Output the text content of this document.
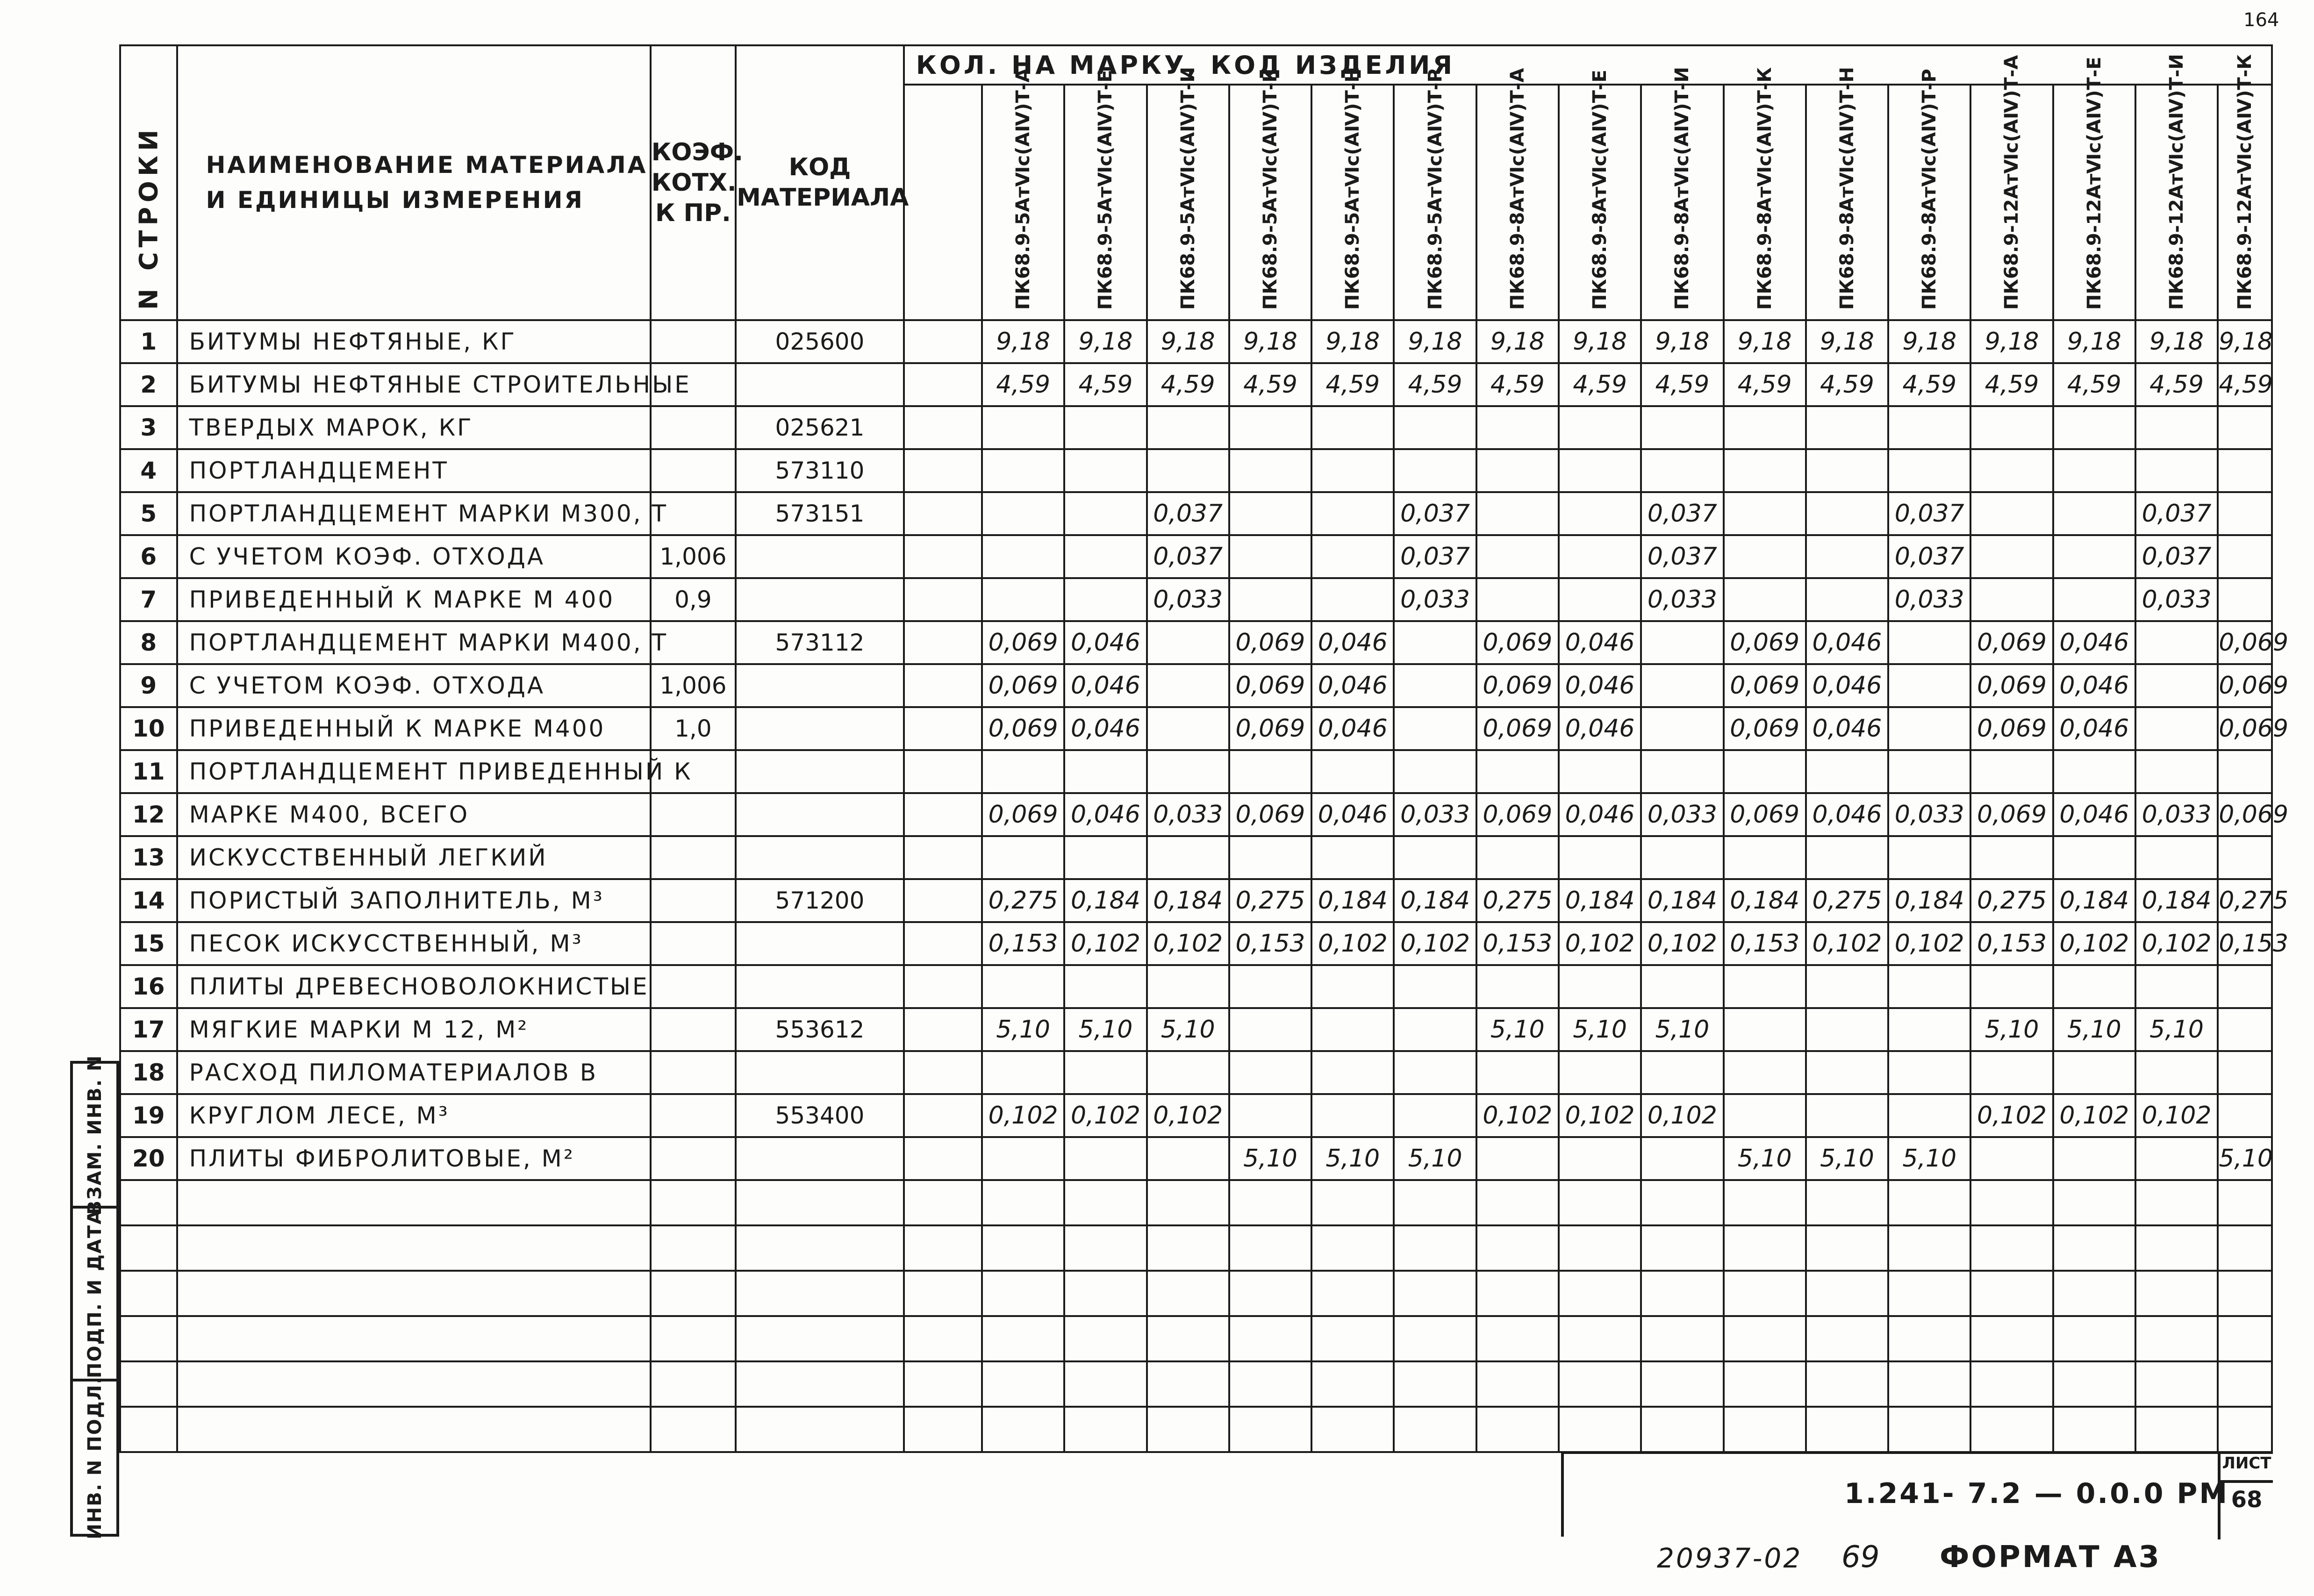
164
ВЗАМ. ИНВ. N
ПОДП. И ДАТА
ИНВ. N ПОДЛ.
N СТРОКИ	НАИМЕНОВАНИЕ МАТЕРИАЛА И ЕДИНИЦЫ ИЗМЕРЕНИЯ	КОЭФ. КОТХ. К ПР.	КОД МАТЕРИАЛА	КОЛ. НА МАРКУ, КОД ИЗДЕЛИЯ																

					ПК68.9-5АтⅥс(АⅣ)Т-А	ПК68.9-5АтⅥс(АⅣ)Т-Е	ПК68.9-5АтⅥс(АⅣ)Т-И	ПК68.9-5АтⅥс(АⅣ)Т-К	ПК68.9-5АтⅥс(АⅣ)Т-Н	ПК68.9-5АтⅥс(АⅣ)Т-Р	ПК68.9-8АтⅥс(АⅣ)Т-А	ПК68.9-8АтⅥс(АⅣ)Т-Е	ПК68.9-8АтⅥс(АⅣ)Т-И	ПК68.9-8АтⅥс(АⅣ)Т-К	ПК68.9-8АтⅥс(АⅣ)Т-Н	ПК68.9-8АтⅥс(АⅣ)Т-Р	ПК68.9-12АтⅥс(АⅣ)Т-А	ПК68.9-12АтⅥс(АⅣ)Т-Е	ПК68.9-12АтⅥс(АⅣ)Т-И	ПК68.9-12АтⅥс(АⅣ)Т-К

1	БИТУМЫ НЕФТЯНЫЕ, КГ		025600		9,18	9,18	9,18	9,18	9,18	9,18	9,18	9,18	9,18	9,18	9,18	9,18	9,18	9,18	9,18	9,18
2	БИТУМЫ НЕФТЯНЫЕ СТРОИТЕЛЬНЫЕ				4,59	4,59	4,59	4,59	4,59	4,59	4,59	4,59	4,59	4,59	4,59	4,59	4,59	4,59	4,59	4,59
3	ТВЕРДЫХ МАРОК, КГ		025621																	
4	ПОРТЛАНДЦЕМЕНТ		573110																	
5	ПОРТЛАНДЦЕМЕНТ МАРКИ М300, Т		573151				0,037			0,037			0,037			0,037			0,037	
6	С УЧЕТОМ КОЭФ. ОТХОДА	1,006					0,037			0,037			0,037			0,037			0,037	
7	ПРИВЕДЕННЫЙ К МАРКЕ М 400	0,9					0,033			0,033			0,033			0,033			0,033	
8	ПОРТЛАНДЦЕМЕНТ МАРКИ М400, Т		573112		0,069	0,046		0,069	0,046		0,069	0,046		0,069	0,046		0,069	0,046		0,069
9	С УЧЕТОМ КОЭФ. ОТХОДА	1,006			0,069	0,046		0,069	0,046		0,069	0,046		0,069	0,046		0,069	0,046		0,069
10	ПРИВЕДЕННЫЙ К МАРКЕ М400	1,0			0,069	0,046		0,069	0,046		0,069	0,046		0,069	0,046		0,069	0,046		0,069
11	ПОРТЛАНДЦЕМЕНТ ПРИВЕДЕННЫЙ К																			
12	МАРКЕ М400, ВСЕГО				0,069	0,046	0,033	0,069	0,046	0,033	0,069	0,046	0,033	0,069	0,046	0,033	0,069	0,046	0,033	0,069
13	ИСКУССТВЕННЫЙ ЛЕГКИЙ																			
14	ПОРИСТЫЙ ЗАПОЛНИТЕЛЬ, М³		571200		0,275	0,184	0,184	0,275	0,184	0,184	0,275	0,184	0,184	0,184	0,275	0,184	0,275	0,184	0,184	0,275
15	ПЕСОК ИСКУССТВЕННЫЙ, М³				0,153	0,102	0,102	0,153	0,102	0,102	0,153	0,102	0,102	0,153	0,102	0,102	0,153	0,102	0,102	0,153
16	ПЛИТЫ ДРЕВЕСНОВОЛОКНИСТЫЕ																			
17	МЯГКИЕ МАРКИ М 12, М²		553612		5,10	5,10	5,10				5,10	5,10	5,10				5,10	5,10	5,10	
18	РАСХОД ПИЛОМАТЕРИАЛОВ В																			
19	КРУГЛОМ ЛЕСЕ, М³		553400		0,102	0,102	0,102				0,102	0,102	0,102				0,102	0,102	0,102	
20	ПЛИТЫ ФИБРОЛИТОВЫЕ, М²							5,10	5,10	5,10				5,10	5,10	5,10				5,10

1.241- 7.2 — 0.0.0 РМ
ЛИСТ
68
20937-02 69 ФОРМАТ А3
